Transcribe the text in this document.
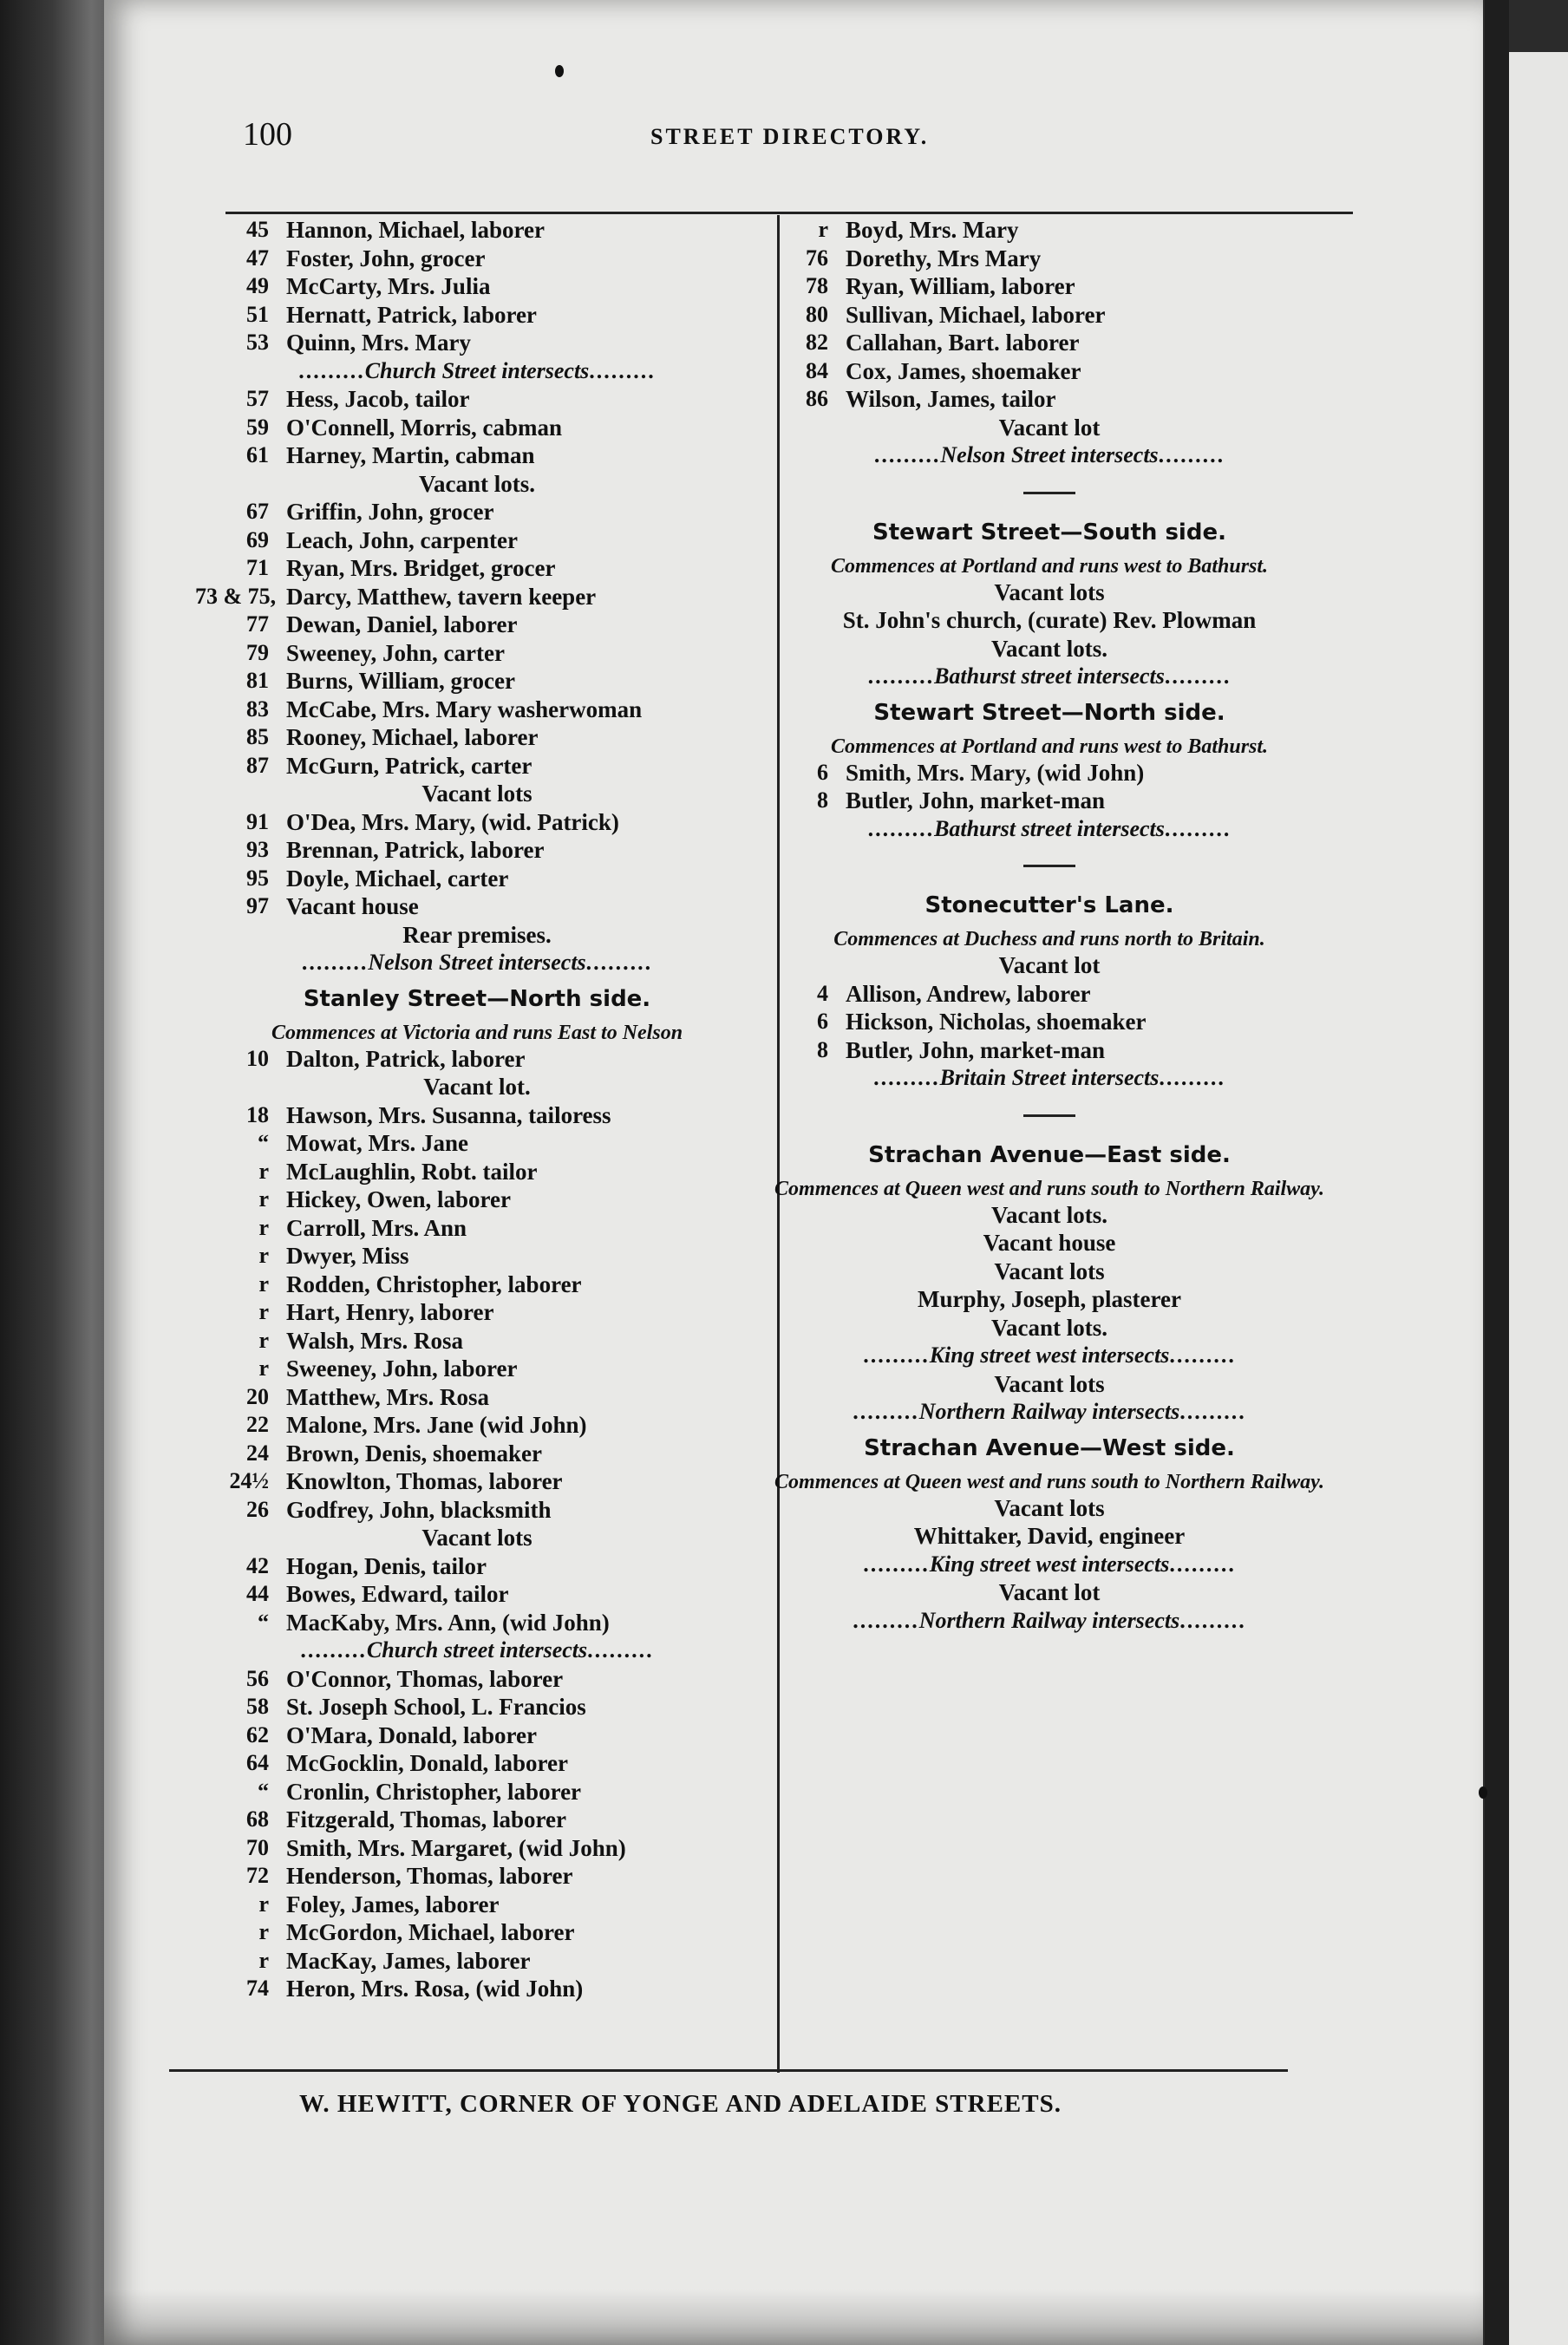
100	STREET DIRECTORY.
45 Hannon, Michael, laborer
47 Foster, John, grocer
49 McCarty, Mrs. Julia
51 Hernatt, Patrick, laborer
53 Quinn, Mrs. Mary
.........Church Street intersects.........
57 Hess, Jacob, tailor
59 O'Connell, Morris, cabman
61 Harney, Martin, cabman
Vacant lots.
67 Griffin, John, grocer
69 Leach, John, carpenter
71 Ryan, Mrs. Bridget, grocer
73 & 75, Darcy, Matthew, tavern keeper
77 Dewan, Daniel, laborer
79 Sweeney, John, carter
81 Burns, William, grocer
83 McCabe, Mrs. Mary washerwoman
85 Rooney, Michael, laborer
87 McGurn, Patrick, carter
Vacant lots
91 O'Dea, Mrs. Mary, (wid. Patrick)
93 Brennan, Patrick, laborer
95 Doyle, Michael, carter
97 Vacant house
Rear premises.
.........Nelson Street intersects.........
Stanley Street—North side.
Commences at Victoria and runs East to Nelson
10 Dalton, Patrick, laborer
Vacant lot.
18 Hawson, Mrs. Susanna, tailoress
“ Mowat, Mrs. Jane
r McLaughlin, Robt. tailor
r Hickey, Owen, laborer
r Carroll, Mrs. Ann
r Dwyer, Miss
r Rodden, Christopher, laborer
r Hart, Henry, laborer
r Walsh, Mrs. Rosa
r Sweeney, John, laborer
20 Matthew, Mrs. Rosa
22 Malone, Mrs. Jane (wid John)
24 Brown, Denis, shoemaker
24½ Knowlton, Thomas, laborer
26 Godfrey, John, blacksmith
Vacant lots
42 Hogan, Denis, tailor
44 Bowes, Edward, tailor
“ MacKaby, Mrs. Ann, (wid John)
.........Church street intersects.........
56 O'Connor, Thomas, laborer
58 St. Joseph School, L. Francios
62 O'Mara, Donald, laborer
64 McGocklin, Donald, laborer
“ Cronlin, Christopher, laborer
68 Fitzgerald, Thomas, laborer
70 Smith, Mrs. Margaret, (wid John)
72 Henderson, Thomas, laborer
r Foley, James, laborer
r McGordon, Michael, laborer
r MacKay, James, laborer
74 Heron, Mrs. Rosa, (wid John)
r Boyd, Mrs. Mary
76 Dorethy, Mrs Mary
78 Ryan, William, laborer
80 Sullivan, Michael, laborer
82 Callahan, Bart. laborer
84 Cox, James, shoemaker
86 Wilson, James, tailor
Vacant lot
.........Nelson Street intersects.........
Stewart Street—South side.
Commences at Portland and runs west to Bathurst.
Vacant lots
St. John's church, (curate) Rev. Plowman
Vacant lots.
.........Bathurst street intersects.........
Stewart Street—North side.
Commences at Portland and runs west to Bathurst.
6 Smith, Mrs. Mary, (wid John)
8 Butler, John, market-man
.........Bathurst street intersects.........
Stonecutter's Lane.
Commences at Duchess and runs north to Britain.
Vacant lot
4 Allison, Andrew, laborer
6 Hickson, Nicholas, shoemaker
8 Butler, John, market-man
.........Britain Street intersects.........
Strachan Avenue—East side.
Commences at Queen west and runs south to Northern Railway.
Vacant lots.
Vacant house
Vacant lots
Murphy, Joseph, plasterer
Vacant lots.
.........King street west intersects.........
Vacant lots
.........Northern Railway intersects.........
Strachan Avenue—West side.
Commences at Queen west and runs south to Northern Railway.
Vacant lots
Whittaker, David, engineer
.........King street west intersects.........
Vacant lot
.........Northern Railway intersects.........
W. HEWITT, CORNER OF YONGE AND ADELAIDE STREETS.
